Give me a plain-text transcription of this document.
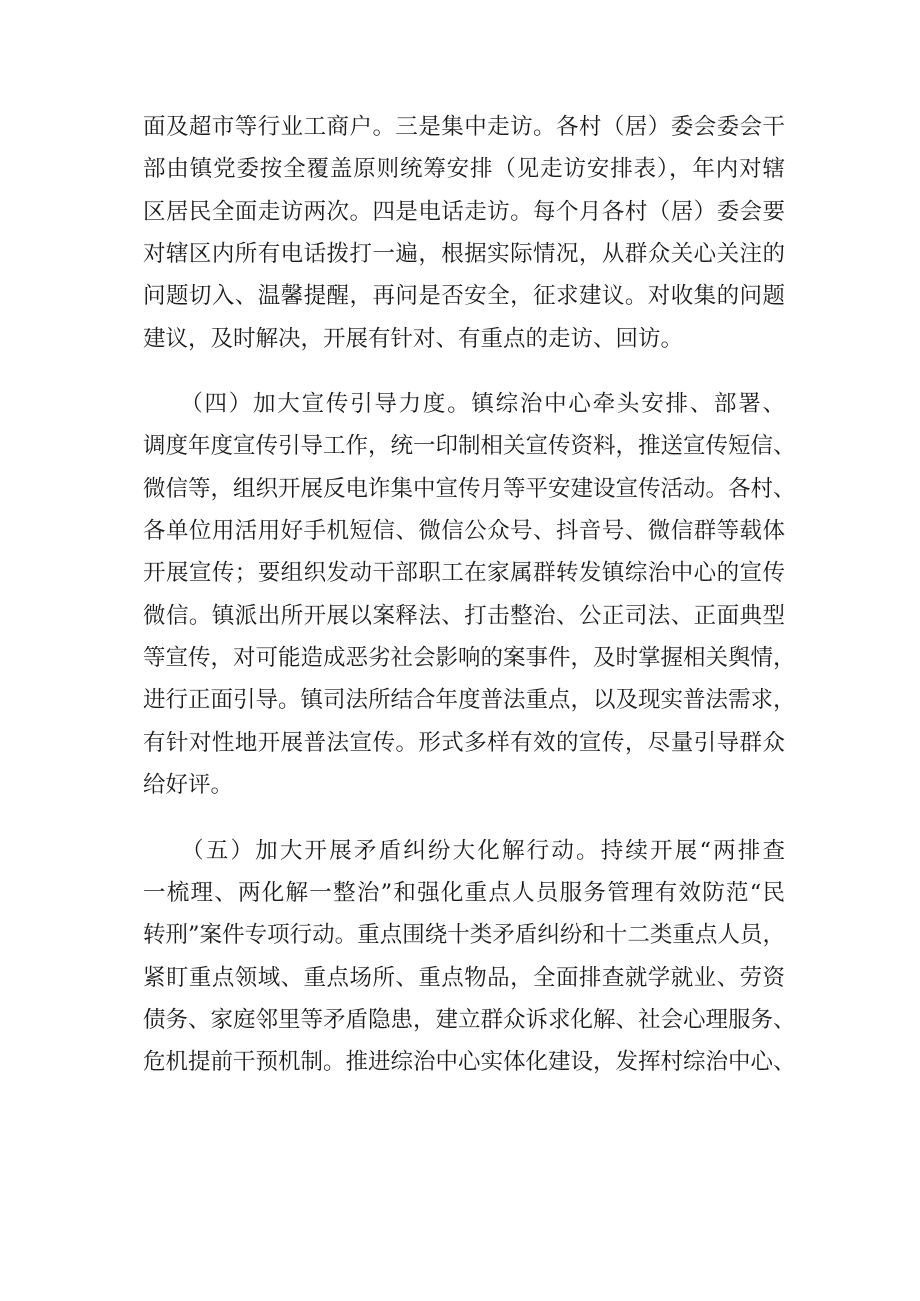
面及超市等行业工商户。三是集中走访。各村（居）委会委会干
部由镇党委按全覆盖原则统筹安排（见走访安排表），年内对辖
区居民全面走访两次。四是电话走访。每个月各村（居）委会要
对辖区内所有电话拨打一遍，根据实际情况，从群众关心关注的
问题切入、温馨提醒，再问是否安全，征求建议。对收集的问题
建议，及时解决，开展有针对、有重点的走访、回访。
　　（四）加大宣传引导力度。镇综治中心牵头安排、部署、
调度年度宣传引导工作，统一印制相关宣传资料，推送宣传短信、
微信等，组织开展反电诈集中宣传月等平安建设宣传活动。各村、
各单位用活用好手机短信、微信公众号、抖音号、微信群等载体
开展宣传；要组织发动干部职工在家属群转发镇综治中心的宣传
微信。镇派出所开展以案释法、打击整治、公正司法、正面典型
等宣传，对可能造成恶劣社会影响的案事件，及时掌握相关舆情，
进行正面引导。镇司法所结合年度普法重点，以及现实普法需求，
有针对性地开展普法宣传。形式多样有效的宣传，尽量引导群众
给好评。
　　（五）加大开展矛盾纠纷大化解行动。持续开展“两排查
一梳理、两化解一整治”和强化重点人员服务管理有效防范“民
转刑”案件专项行动。重点围绕十类矛盾纠纷和十二类重点人员，
紧盯重点领域、重点场所、重点物品，全面排查就学就业、劳资
债务、家庭邻里等矛盾隐患，建立群众诉求化解、社会心理服务、
危机提前干预机制。推进综治中心实体化建设，发挥村综治中心、
